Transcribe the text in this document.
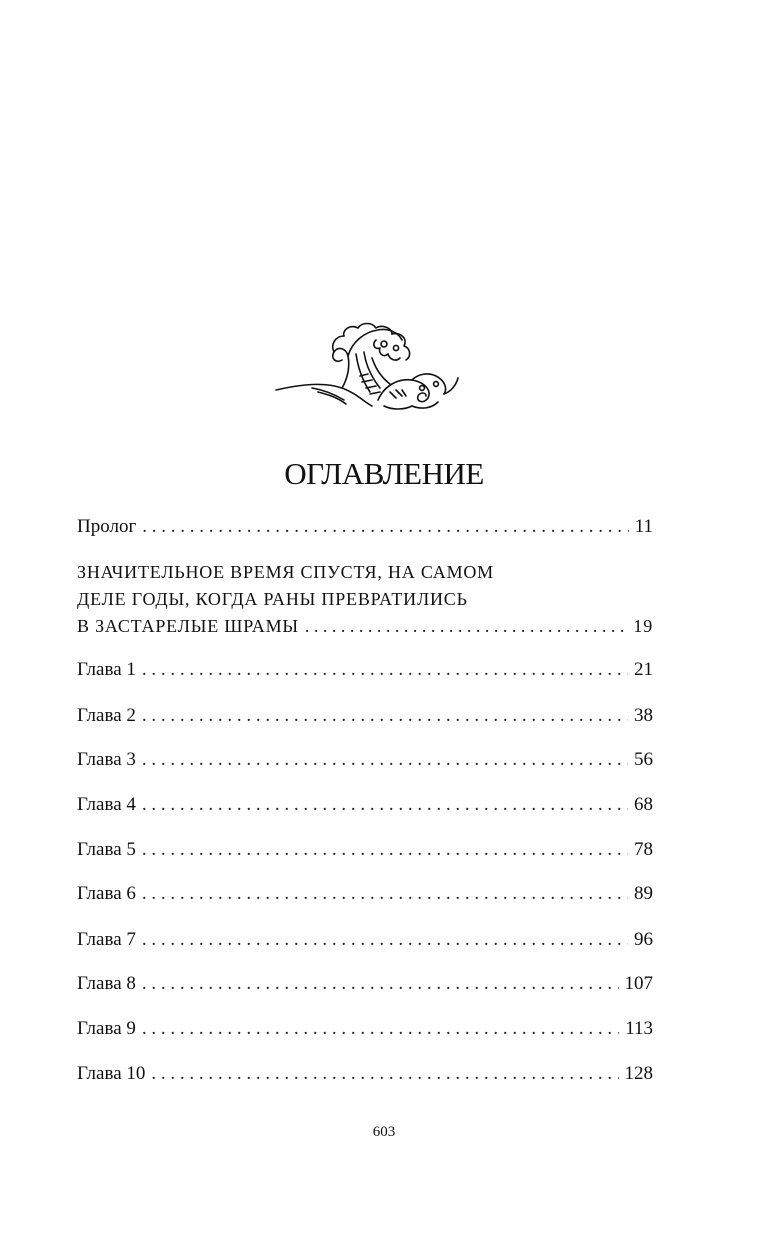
ОГЛАВЛЕНИЕ
Пролог . . .	11
ЗНАЧИТЕЛЬНОЕ ВРЕМЯ СПУСТЯ, НА САМОМ
ДЕЛЕ ГОДЫ, КОГДА РАНЫ ПРЕВРАТИЛИСЬ
В ЗАСТАРЕЛЫЕ ШРАМЫ . . .	19
Глава 1 . . .	21
Глава 2 . . .	38
Глава 3 . . .	56
Глава 4 . . .	68
Глава 5 . . .	78
Глава 6 . . .	89
Глава 7 . . .	96
Глава 8 . . .	107
Глава 9 . . .	113
Глава 10 . . .	128
603
